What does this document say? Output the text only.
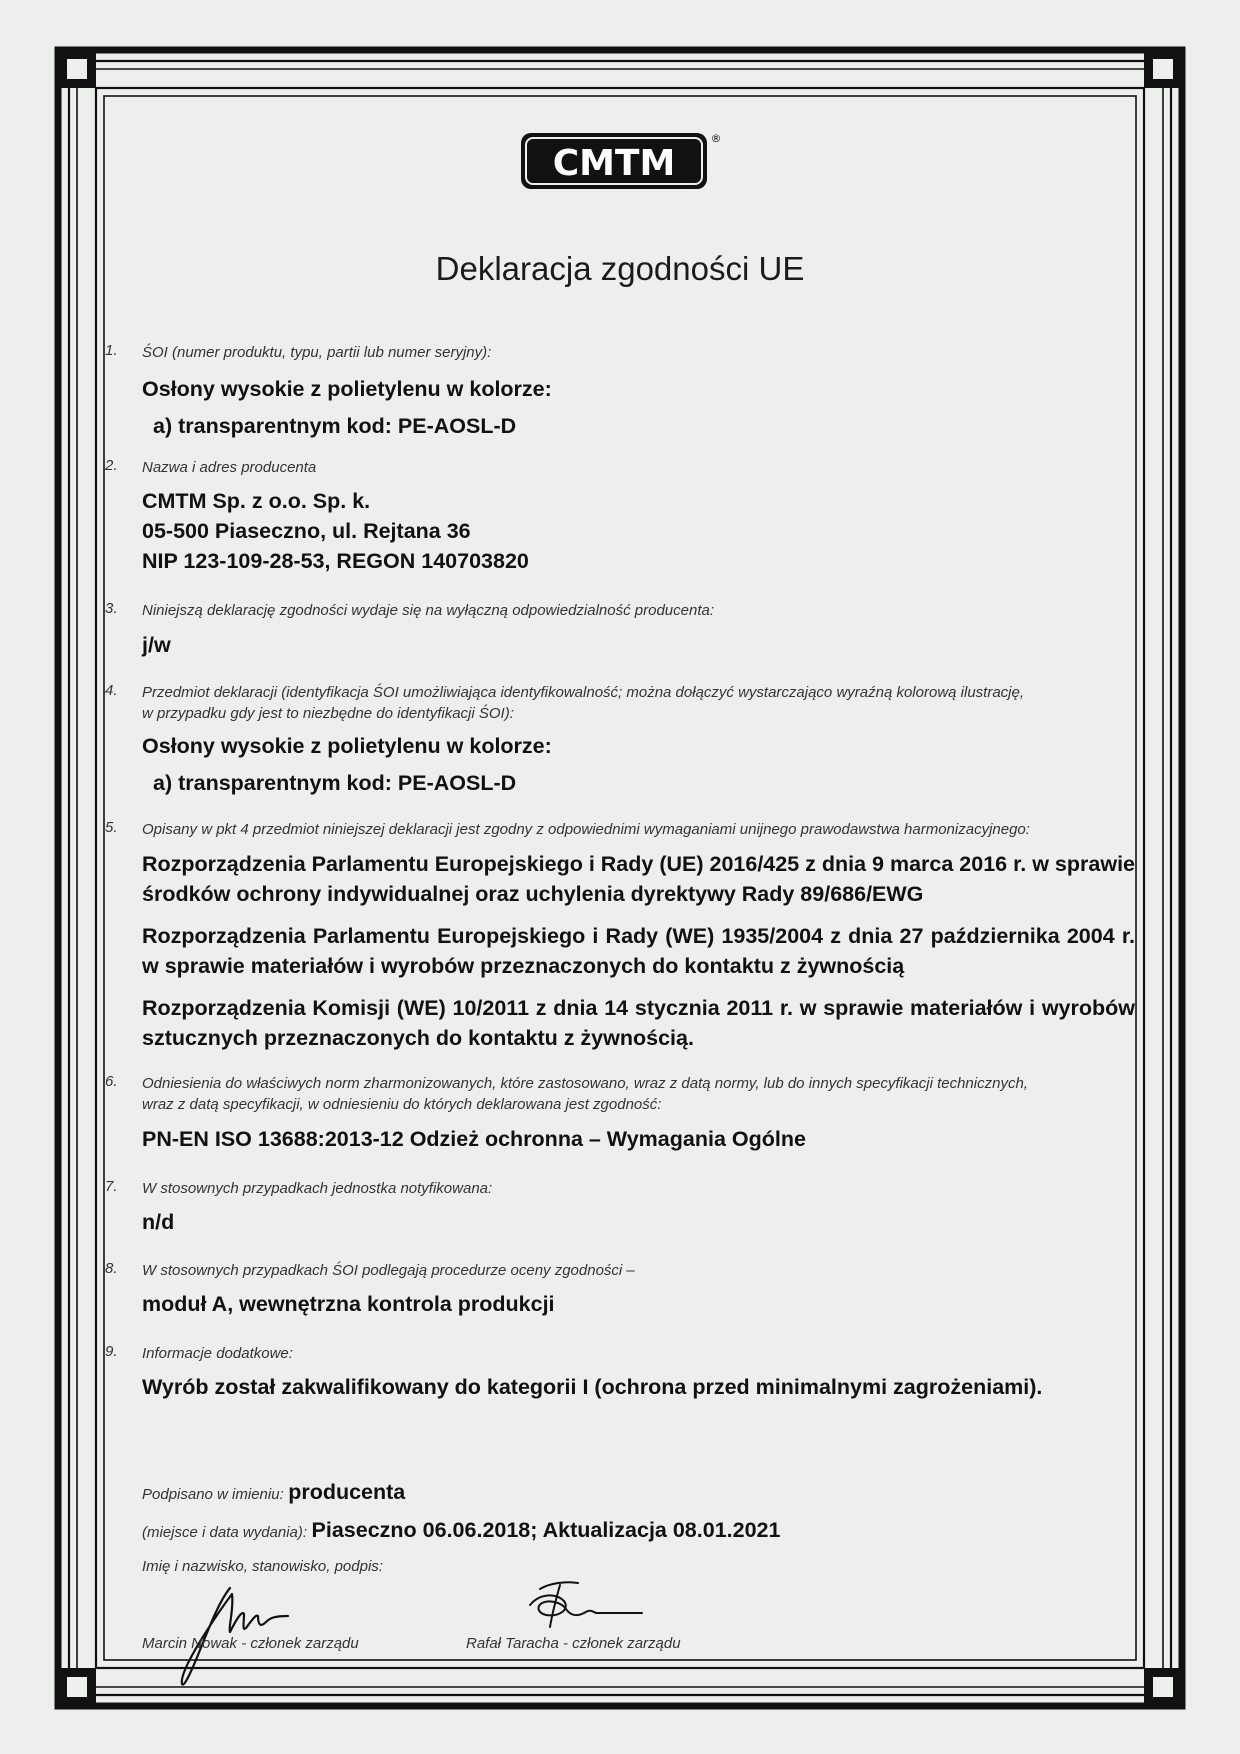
CMTM
®
Deklaracja zgodności UE
1. ŚOI (numer produktu, typu, partii lub numer seryjny):
Osłony wysokie z polietylenu w kolorze:
a) transparentnym kod: PE-AOSL-D
2. Nazwa i adres producenta
CMTM Sp. z o.o. Sp. k.
05-500 Piaseczno, ul. Rejtana 36
NIP 123-109-28-53, REGON 140703820
3. Niniejszą deklarację zgodności wydaje się na wyłączną odpowiedzialność producenta:
j/w
4. Przedmiot deklaracji (identyfikacja ŚOI umożliwiająca identyfikowalność; można dołączyć wystarczająco wyraźną kolorową ilustrację,
w przypadku gdy jest to niezbędne do identyfikacji ŚOI):
Osłony wysokie z polietylenu w kolorze:
a) transparentnym kod: PE-AOSL-D
5. Opisany w pkt 4 przedmiot niniejszej deklaracji jest zgodny z odpowiednimi wymaganiami unijnego prawodawstwa harmonizacyjnego:
Rozporządzenia Parlamentu Europejskiego i Rady (UE) 2016/425 z dnia 9 marca 2016 r. w sprawie środków ochrony indywidualnej oraz uchylenia dyrektywy Rady 89/686/EWG
Rozporządzenia Parlamentu Europejskiego i Rady (WE) 1935/2004 z dnia 27 października 2004 r. w sprawie materiałów i wyrobów przeznaczonych do kontaktu z żywnością
Rozporządzenia Komisji (WE) 10/2011 z dnia 14 stycznia 2011 r. w sprawie materiałów i wyrobów sztucznych przeznaczonych do kontaktu z żywnością.
6. Odniesienia do właściwych norm zharmonizowanych, które zastosowano, wraz z datą normy, lub do innych specyfikacji technicznych,
wraz z datą specyfikacji, w odniesieniu do których deklarowana jest zgodność:
PN-EN ISO 13688:2013-12 Odzież ochronna – Wymagania Ogólne
7. W stosownych przypadkach jednostka notyfikowana:
n/d
8. W stosownych przypadkach ŚOI podlegają procedurze oceny zgodności –
moduł A, wewnętrzna kontrola produkcji
9. Informacje dodatkowe:
Wyrób został zakwalifikowany do kategorii I (ochrona przed minimalnymi zagrożeniami).
Podpisano w imieniu: producenta
(miejsce i data wydania): Piaseczno 06.06.2018; Aktualizacja 08.01.2021
Imię i nazwisko, stanowisko, podpis:
Marcin Nowak - członek zarządu	Rafał Taracha - członek zarządu
